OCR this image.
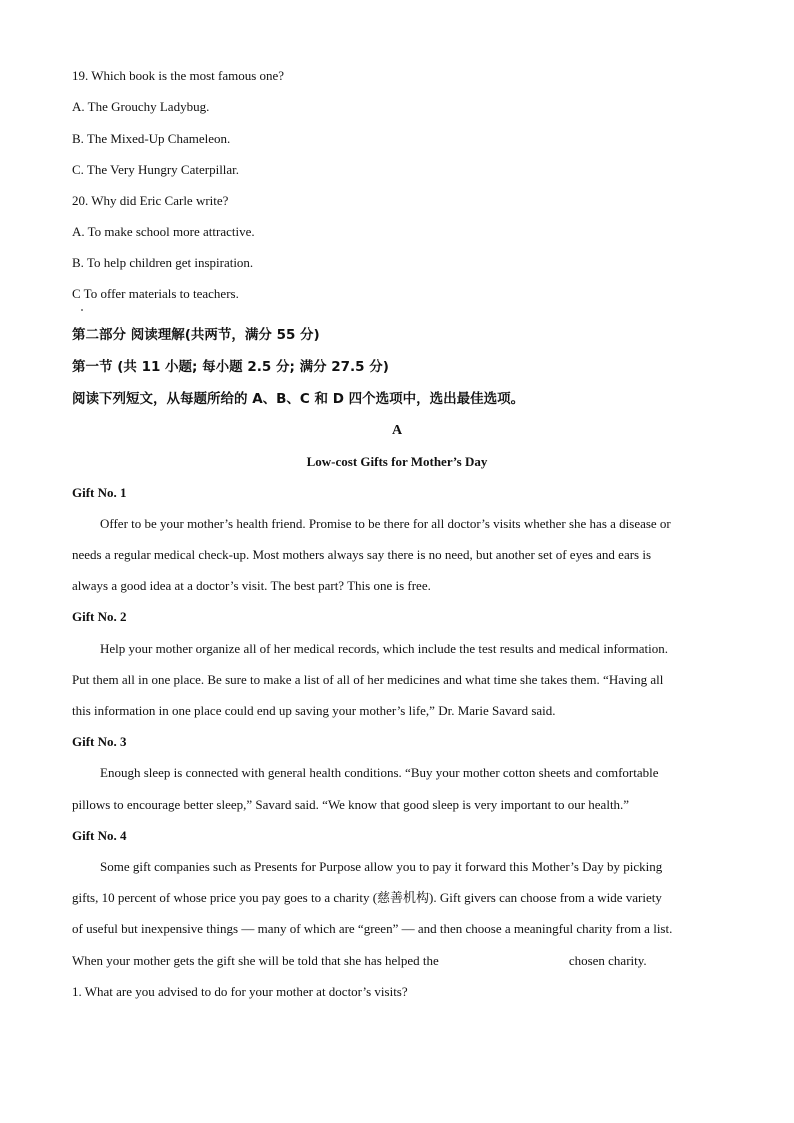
19. Which book is the most famous one?
A. The Grouchy Ladybug.
B. The Mixed-Up Chameleon.
C. The Very Hungry Caterpillar.
20. Why did Eric Carle write?
A. To make school more attractive.
B. To help children get inspiration.
C To offer materials to teachers.
第二部分 阅读理解(共两节，满分 55 分)
第一节 (共 11 小题; 每小题 2.5 分; 满分 27.5 分)
阅读下列短文，从每题所给的 A、B、C 和 D 四个选项中，选出最佳选项。
A
Low-cost Gifts for Mother’s Day
Gift No. 1
Offer to be your mother’s health friend. Promise to be there for all doctor’s visits whether she has a disease or
needs a regular medical check-up. Most mothers always say there is no need, but another set of eyes and ears is
always a good idea at a doctor’s visit. The best part? This one is free.
Gift No. 2
Help your mother organize all of her medical records, which include the test results and medical information.
Put them all in one place. Be sure to make a list of all of her medicines and what time she takes them. “Having all
this information in one place could end up saving your mother’s life,” Dr. Marie Savard said.
Gift No. 3
Enough sleep is connected with general health conditions. “Buy your mother cotton sheets and comfortable
pillows to encourage better sleep,” Savard said. “We know that good sleep is very important to our health.”
Gift No. 4
Some gift companies such as Presents for Purpose allow you to pay it forward this Mother’s Day by picking
gifts, 10 percent of whose price you pay goes to a charity (慈善机构). Gift givers can choose from a wide variety
of useful but inexpensive things — many of which are “green” — and then choose a meaningful charity from a list.
When your mother gets the gift she will be told that she has helped the	chosen charity.
1. What are you advised to do for your mother at doctor’s visits?
